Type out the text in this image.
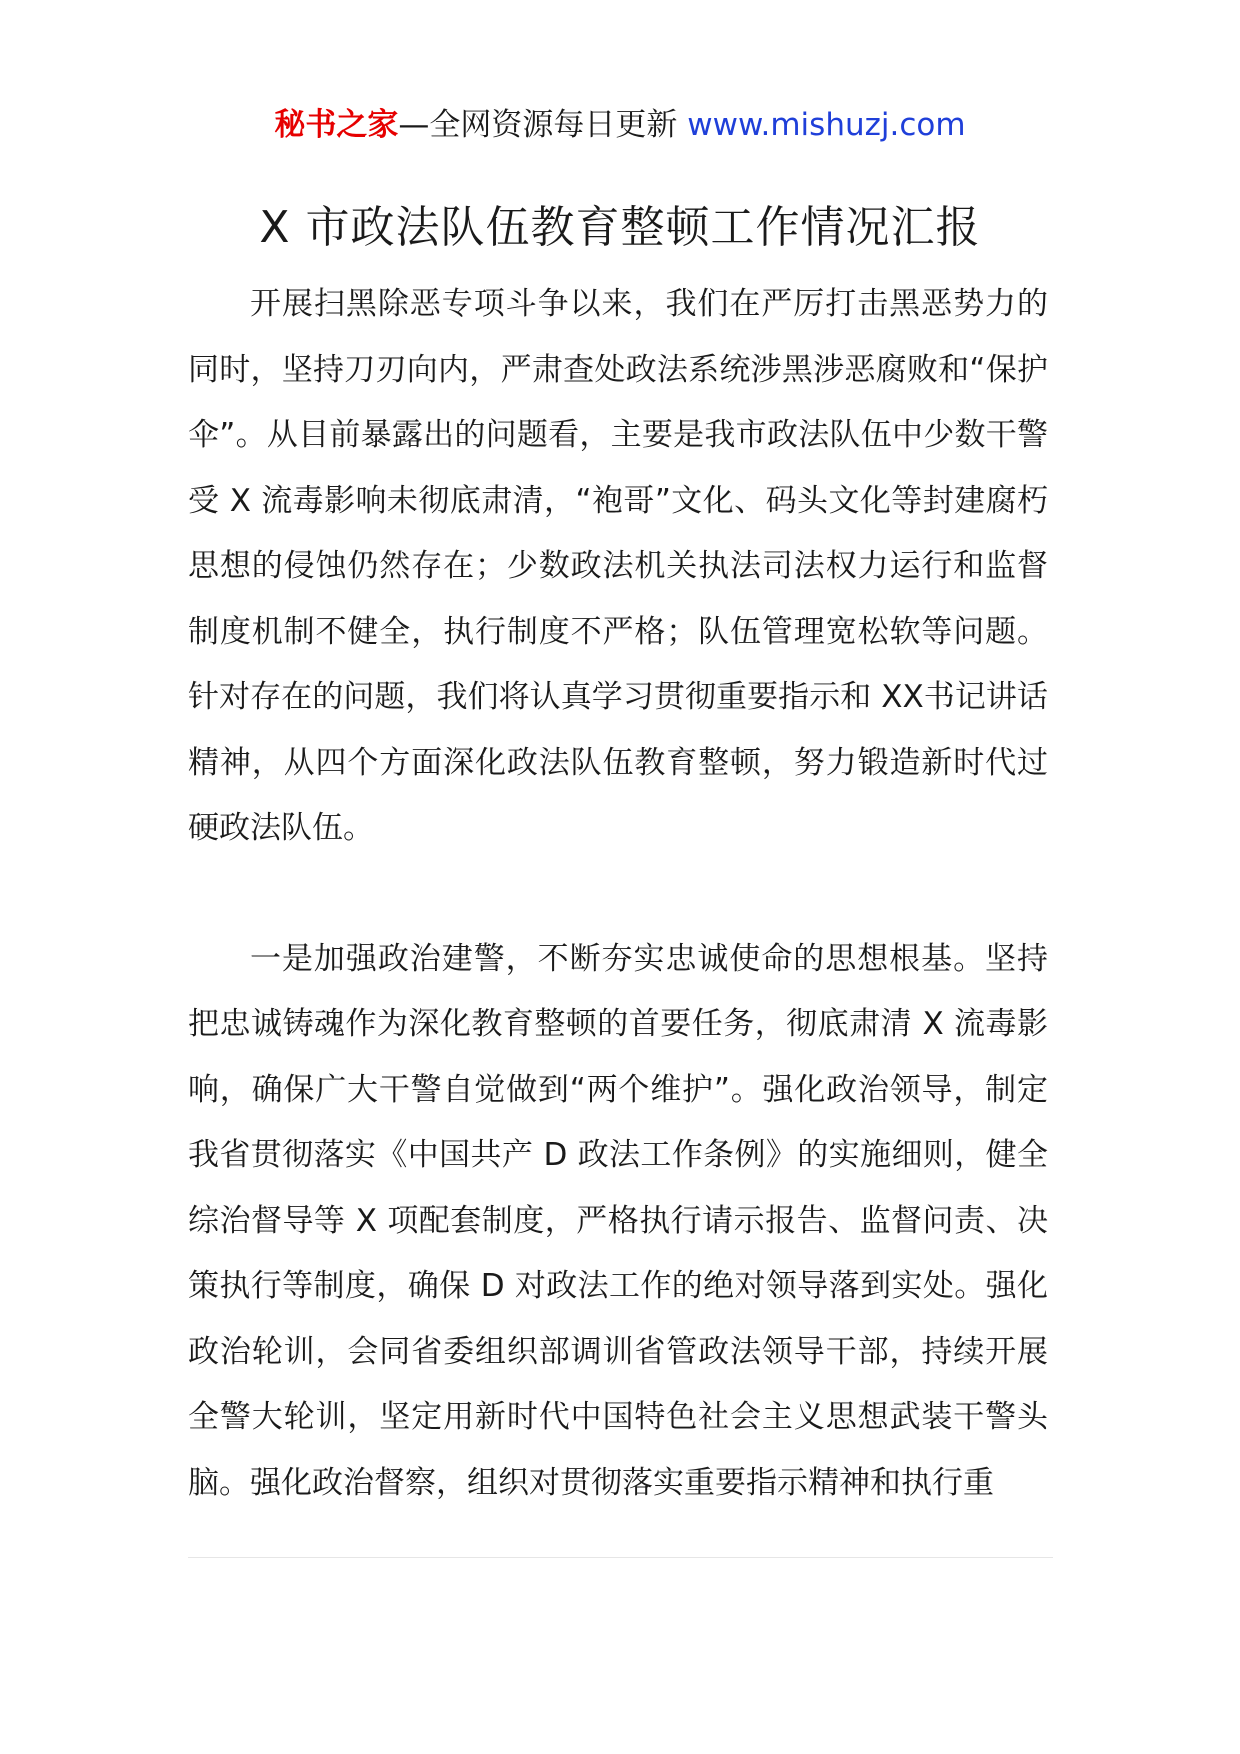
秘书之家—全网资源每日更新 www.mishuzj.com
X 市政法队伍教育整顿工作情况汇报

开展扫黑除恶专项斗争以来，我们在严厉打击黑恶势力的同时，坚持刀刃向内，严肃查处政法系统涉黑涉恶腐败和“保护伞”。从目前暴露出的问题看，主要是我市政法队伍中少数干警受 X 流毒影响未彻底肃清，“袍哥”文化、码头文化等封建腐朽思想的侵蚀仍然存在；少数政法机关执法司法权力运行和监督制度机制不健全，执行制度不严格；队伍管理宽松软等问题。针对存在的问题，我们将认真学习贯彻重要指示和 XX书记讲话精神，从四个方面深化政法队伍教育整顿，努力锻造新时代过硬政法队伍。

一是加强政治建警，不断夯实忠诚使命的思想根基。坚持把忠诚铸魂作为深化教育整顿的首要任务，彻底肃清 X 流毒影响，确保广大干警自觉做到“两个维护”。强化政治领导，制定我省贯彻落实《中国共产 D 政法工作条例》的实施细则，健全综治督导等 X 项配套制度，严格执行请示报告、监督问责、决策执行等制度，确保 D 对政法工作的绝对领导落到实处。强化政治轮训，会同省委组织部调训省管政法领导干部，持续开展全警大轮训，坚定用新时代中国特色社会主义思想武装干警头脑。强化政治督察，组织对贯彻落实重要指示精神和执行重
